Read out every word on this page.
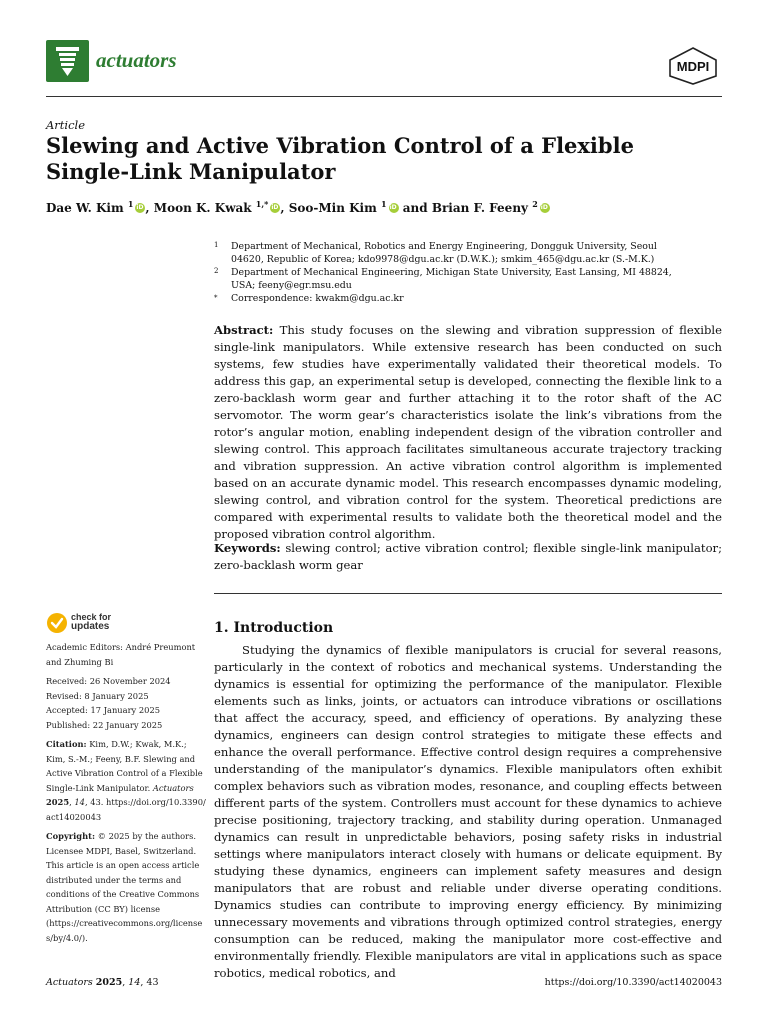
actuators	MDPI
Article
Slewing and Active Vibration Control of a Flexible Single-Link Manipulator
Dae W. Kim $^1$ iD , Moon K. Kwak $^{1,*}$ iD , Soo-Min Kim $^1$iD and Brian F. Feeny $^2$iD
1 Department of Mechanical, Robotics and Energy Engineering, Dongguk University, Seoul 04620, Republic of Korea; kdo9978@dgu.ac.kr (D.W.K.); smkim_465@dgu.ac.kr (S.-M.K.)
2 Department of Mechanical Engineering, Michigan State University, East Lansing, MI 48824, USA; feeny@egr.msu.edu
* Correspondence: kwakm@dgu.ac.kr
Abstract: This study focuses on the slewing and vibration suppression of flexible single-link manipulators. While extensive research has been conducted on such systems, few studies have experimentally validated their theoretical models. To address this gap, an experimental setup is developed, connecting the flexible link to a zero-backlash worm gear and further attaching it to the rotor shaft of the AC servomotor. The worm gear’s characteristics isolate the link’s vibrations from the rotor’s angular motion, enabling independent design of the vibration controller and slewing control. This approach facilitates simultaneous accurate trajectory tracking and vibration suppression. An active vibration control algorithm is implemented based on an accurate dynamic model. This research encompasses dynamic modeling, slewing control, and vibration control for the system. Theoretical predictions are compared with experimental results to validate both the theoretical model and the proposed vibration control algorithm.
Keywords: slewing control; active vibration control; flexible single-link manipulator; zero-backlash worm gear
check for
updates
Academic Editors: André Preumont and Zhuming Bi
Received: 26 November 2024
Revised: 8 January 2025
Accepted: 17 January 2025
Published: 22 January 2025
Citation: Kim, D.W.; Kwak, M.K.; Kim, S.-M.; Feeny, B.F. Slewing and Active Vibration Control of a Flexible Single-Link Manipulator. Actuators 2025, 14, 43. https://doi.org/10.3390/act14020043
Copyright: © 2025 by the authors. Licensee MDPI, Basel, Switzerland. This article is an open access article distributed under the terms and conditions of the Creative Commons Attribution (CC BY) license (https://creativecommons.org/licenses/by/4.0/).
1. Introduction
Studying the dynamics of flexible manipulators is crucial for several reasons, particularly in the context of robotics and mechanical systems. Understanding the dynamics is essential for optimizing the performance of the manipulator. Flexible elements such as links, joints, or actuators can introduce vibrations or oscillations that affect the accuracy, speed, and efficiency of operations. By analyzing these dynamics, engineers can design control strategies to mitigate these effects and enhance the overall performance. Effective control design requires a comprehensive understanding of the manipulator’s dynamics. Flexible manipulators often exhibit complex behaviors such as vibration modes, resonance, and coupling effects between different parts of the system. Controllers must account for these dynamics to achieve precise positioning, trajectory tracking, and stability during operation. Unmanaged dynamics can result in unpredictable behaviors, posing safety risks in industrial settings where manipulators interact closely with humans or delicate equipment. By studying these dynamics, engineers can implement safety measures and design manipulators that are robust and reliable under diverse operating conditions. Dynamics studies can contribute to improving energy efficiency. By minimizing unnecessary movements and vibrations through optimized control strategies, energy consumption can be reduced, making the manipulator more cost-effective and environmentally friendly. Flexible manipulators are vital in applications such as space robotics, medical robotics, and
Actuators 2025, 14, 43	https://doi.org/10.3390/act14020043
